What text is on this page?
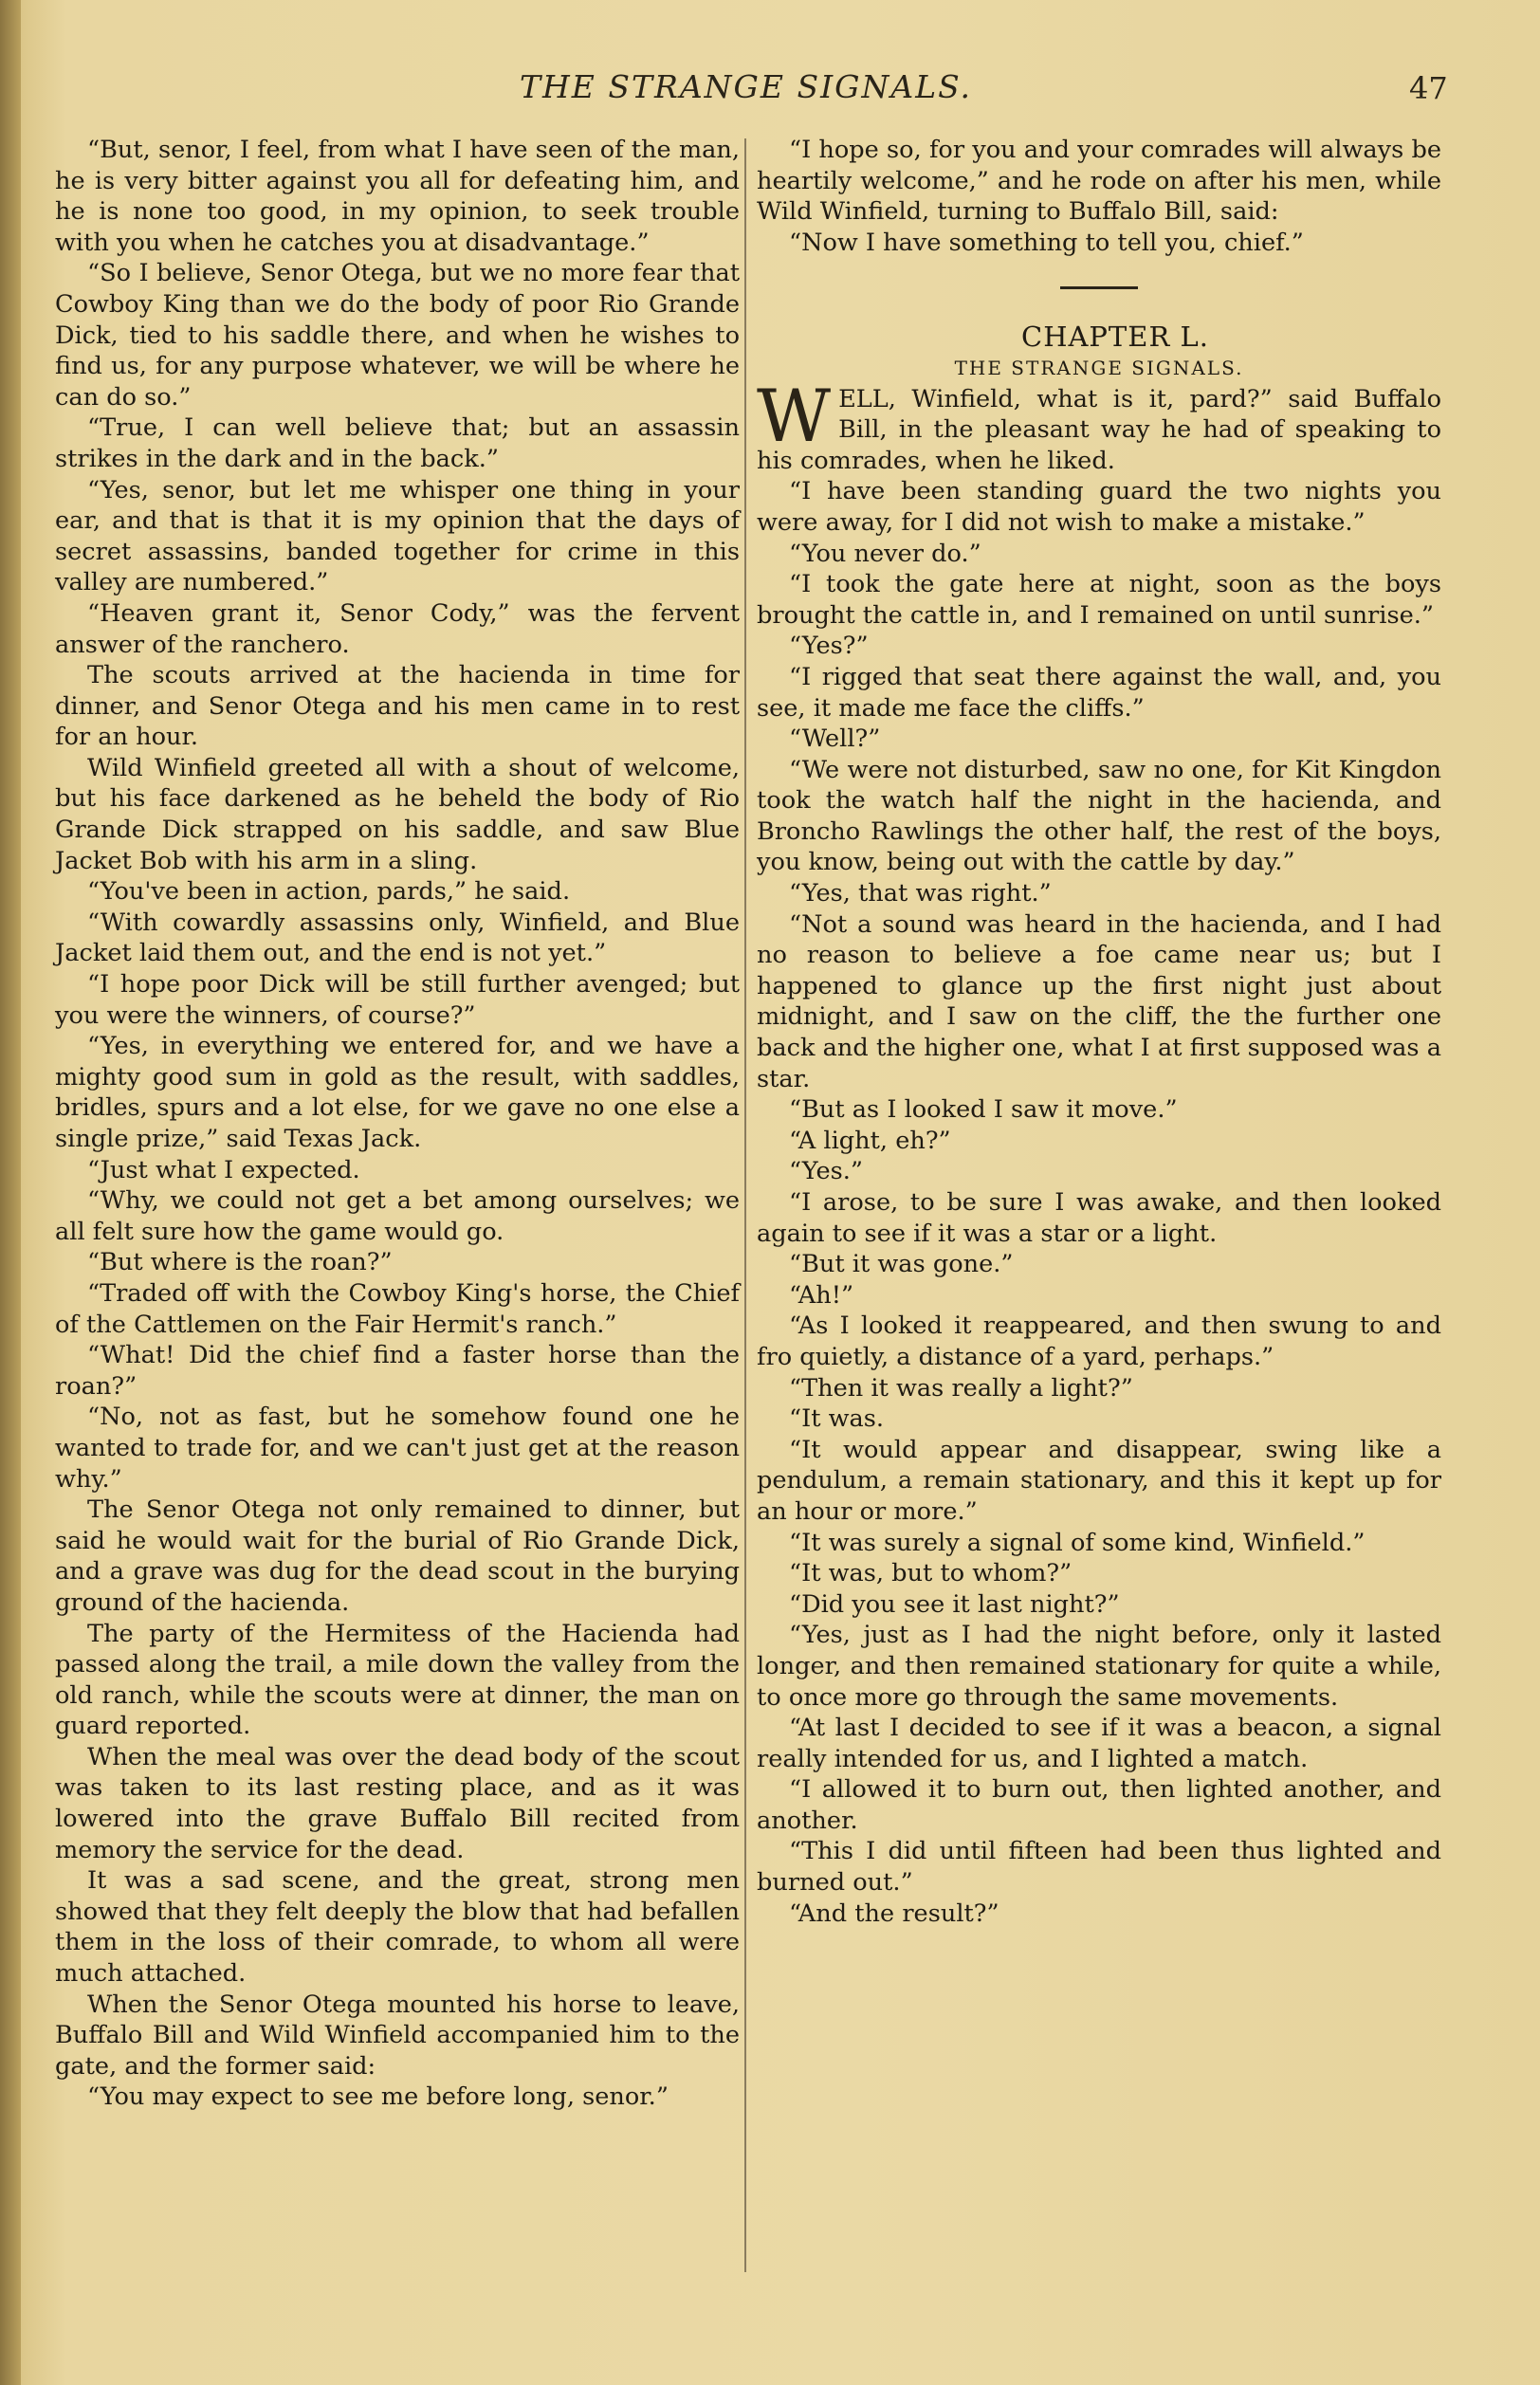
THE STRANGE SIGNALS.	47

“But, senor, I feel, from what I have seen of the man, he is very bitter against you all for defeating him, and he is none too good, in my opinion, to seek trouble with you when he catches you at disadvantage.”

“So I believe, Senor Otega, but we no more fear that Cowboy King than we do the body of poor Rio Grande Dick, tied to his saddle there, and when he wishes to find us, for any purpose whatever, we will be where he can do so.”

“True, I can well believe that; but an assassin strikes in the dark and in the back.”

“Yes, senor, but let me whisper one thing in your ear, and that is that it is my opinion that the days of secret assassins, banded together for crime in this valley are numbered.”

“Heaven grant it, Senor Cody,” was the fervent answer of the ranchero.

The scouts arrived at the hacienda in time for dinner, and Senor Otega and his men came in to rest for an hour.

Wild Winfield greeted all with a shout of welcome, but his face darkened as he beheld the body of Rio Grande Dick strapped on his saddle, and saw Blue Jacket Bob with his arm in a sling.

“You've been in action, pards,” he said.

“With cowardly assassins only, Winfield, and Blue Jacket laid them out, and the end is not yet.”

“I hope poor Dick will be still further avenged; but you were the winners, of course?”

“Yes, in everything we entered for, and we have a mighty good sum in gold as the result, with saddles, bridles, spurs and a lot else, for we gave no one else a single prize,” said Texas Jack.

“Just what I expected.

“Why, we could not get a bet among ourselves; we all felt sure how the game would go.

“But where is the roan?”

“Traded off with the Cowboy King's horse, the Chief of the Cattlemen on the Fair Hermit's ranch.”

“What! Did the chief find a faster horse than the roan?”

“No, not as fast, but he somehow found one he wanted to trade for, and we can't just get at the reason why.”

The Senor Otega not only remained to dinner, but said he would wait for the burial of Rio Grande Dick, and a grave was dug for the dead scout in the burying ground of the hacienda.

The party of the Hermitess of the Hacienda had passed along the trail, a mile down the valley from the old ranch, while the scouts were at dinner, the man on guard reported.

When the meal was over the dead body of the scout was taken to its last resting place, and as it was lowered into the grave Buffalo Bill recited from memory the service for the dead.

It was a sad scene, and the great, strong men showed that they felt deeply the blow that had befallen them in the loss of their comrade, to whom all were much attached.

When the Senor Otega mounted his horse to leave, Buffalo Bill and Wild Winfield accompanied him to the gate, and the former said:

“You may expect to see me before long, senor.”

“I hope so, for you and your comrades will always be heartily welcome,” and he rode on after his men, while Wild Winfield, turning to Buffalo Bill, said:

“Now I have something to tell you, chief.”

CHAPTER L.

THE STRANGE SIGNALS.

WELL, Winfield, what is it, pard?” said Buffalo Bill, in the pleasant way he had of speaking to his comrades, when he liked.

“I have been standing guard the two nights you were away, for I did not wish to make a mistake.”

“You never do.”

“I took the gate here at night, soon as the boys brought the cattle in, and I remained on until sunrise.”

“Yes?”

“I rigged that seat there against the wall, and, you see, it made me face the cliffs.”

“Well?”

“We were not disturbed, saw no one, for Kit Kingdon took the watch half the night in the hacienda, and Broncho Rawlings the other half, the rest of the boys, you know, being out with the cattle by day.”

“Yes, that was right.”

“Not a sound was heard in the hacienda, and I had no reason to believe a foe came near us; but I happened to glance up the first night just about midnight, and I saw on the cliff, the the further one back and the higher one, what I at first supposed was a star.

“But as I looked I saw it move.”

“A light, eh?”

“Yes.”

“I arose, to be sure I was awake, and then looked again to see if it was a star or a light.

“But it was gone.”

“Ah!”

“As I looked it reappeared, and then swung to and fro quietly, a distance of a yard, perhaps.”

“Then it was really a light?”

“It was.

“It would appear and disappear, swing like a pendulum, a remain stationary, and this it kept up for an hour or more.”

“It was surely a signal of some kind, Winfield.”

“It was, but to whom?”

“Did you see it last night?”

“Yes, just as I had the night before, only it lasted longer, and then remained stationary for quite a while, to once more go through the same movements.

“At last I decided to see if it was a beacon, a signal really intended for us, and I lighted a match.

“I allowed it to burn out, then lighted another, and another.

“This I did until fifteen had been thus lighted and burned out.”

“And the result?”
